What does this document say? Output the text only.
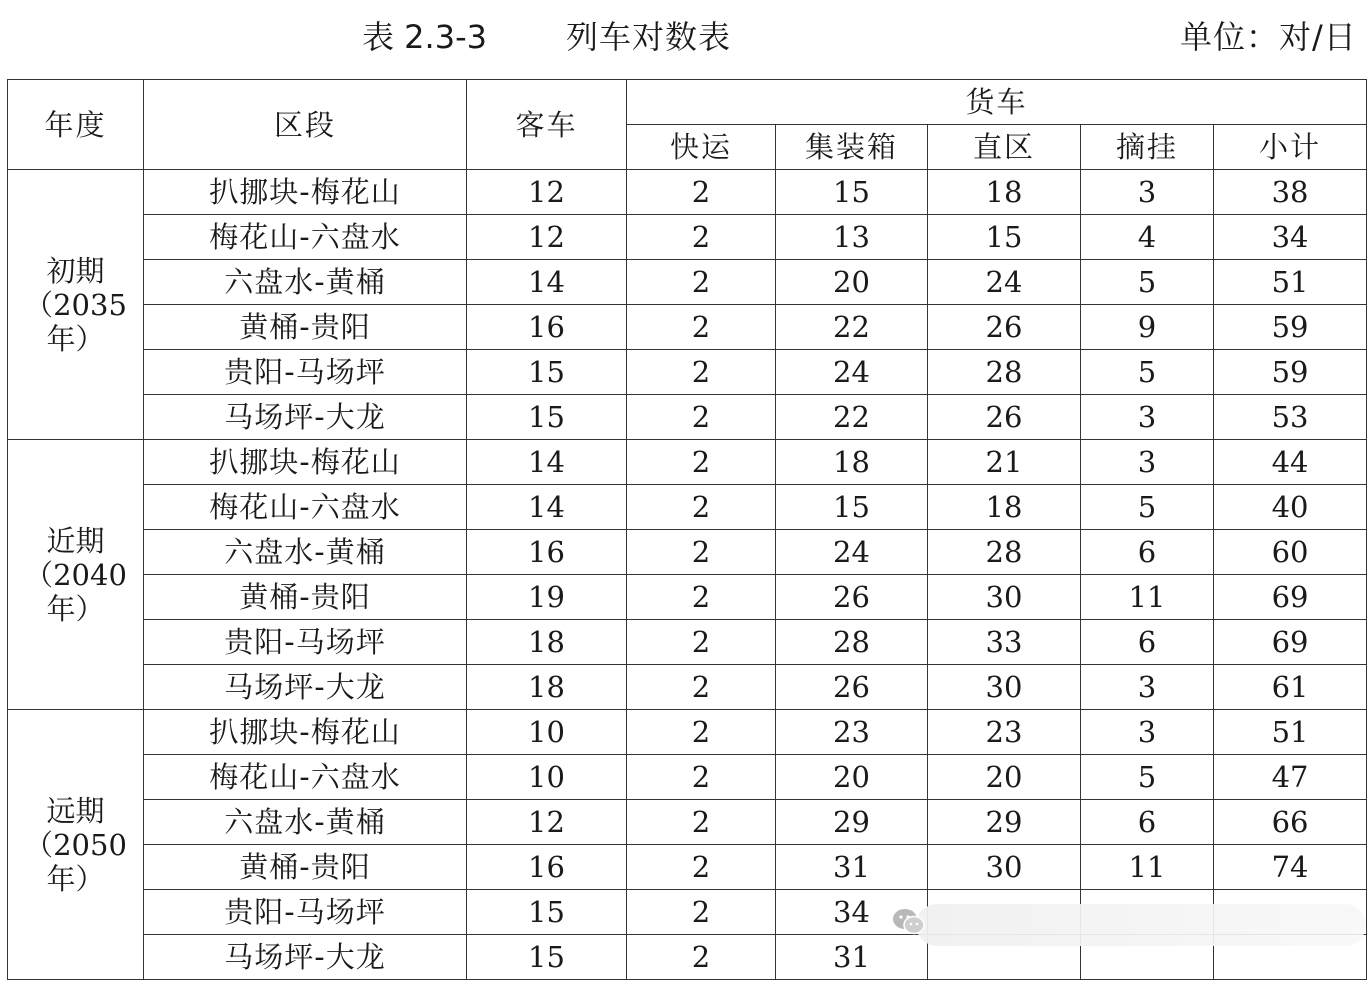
表 2.3-3 列车对数表	单位：对/日
年度	区段	客车	货车				
			快运	集装箱	直区	摘挂	小计

初期
（2035
年）	扒挪块-梅花山	12	2	15	18	3	38
	梅花山-六盘水	12	2	13	15	4	34
	六盘水-黄桶	14	2	20	24	5	51
	黄桶-贵阳	16	2	22	26	9	59
	贵阳-马场坪	15	2	24	28	5	59
	马场坪-大龙	15	2	22	26	3	53

近期
（2040
年）	扒挪块-梅花山	14	2	18	21	3	44
	梅花山-六盘水	14	2	15	18	5	40
	六盘水-黄桶	16	2	24	28	6	60
	黄桶-贵阳	19	2	26	30	11	69
	贵阳-马场坪	18	2	28	33	6	69
	马场坪-大龙	18	2	26	30	3	61

远期
（2050
年）	扒挪块-梅花山	10	2	23	23	3	51
	梅花山-六盘水	10	2	20	20	5	47
	六盘水-黄桶	12	2	29	29	6	66
	黄桶-贵阳	16	2	31	30	11	74
	贵阳-马场坪	15	2	34			
	马场坪-大龙	15	2	31			
